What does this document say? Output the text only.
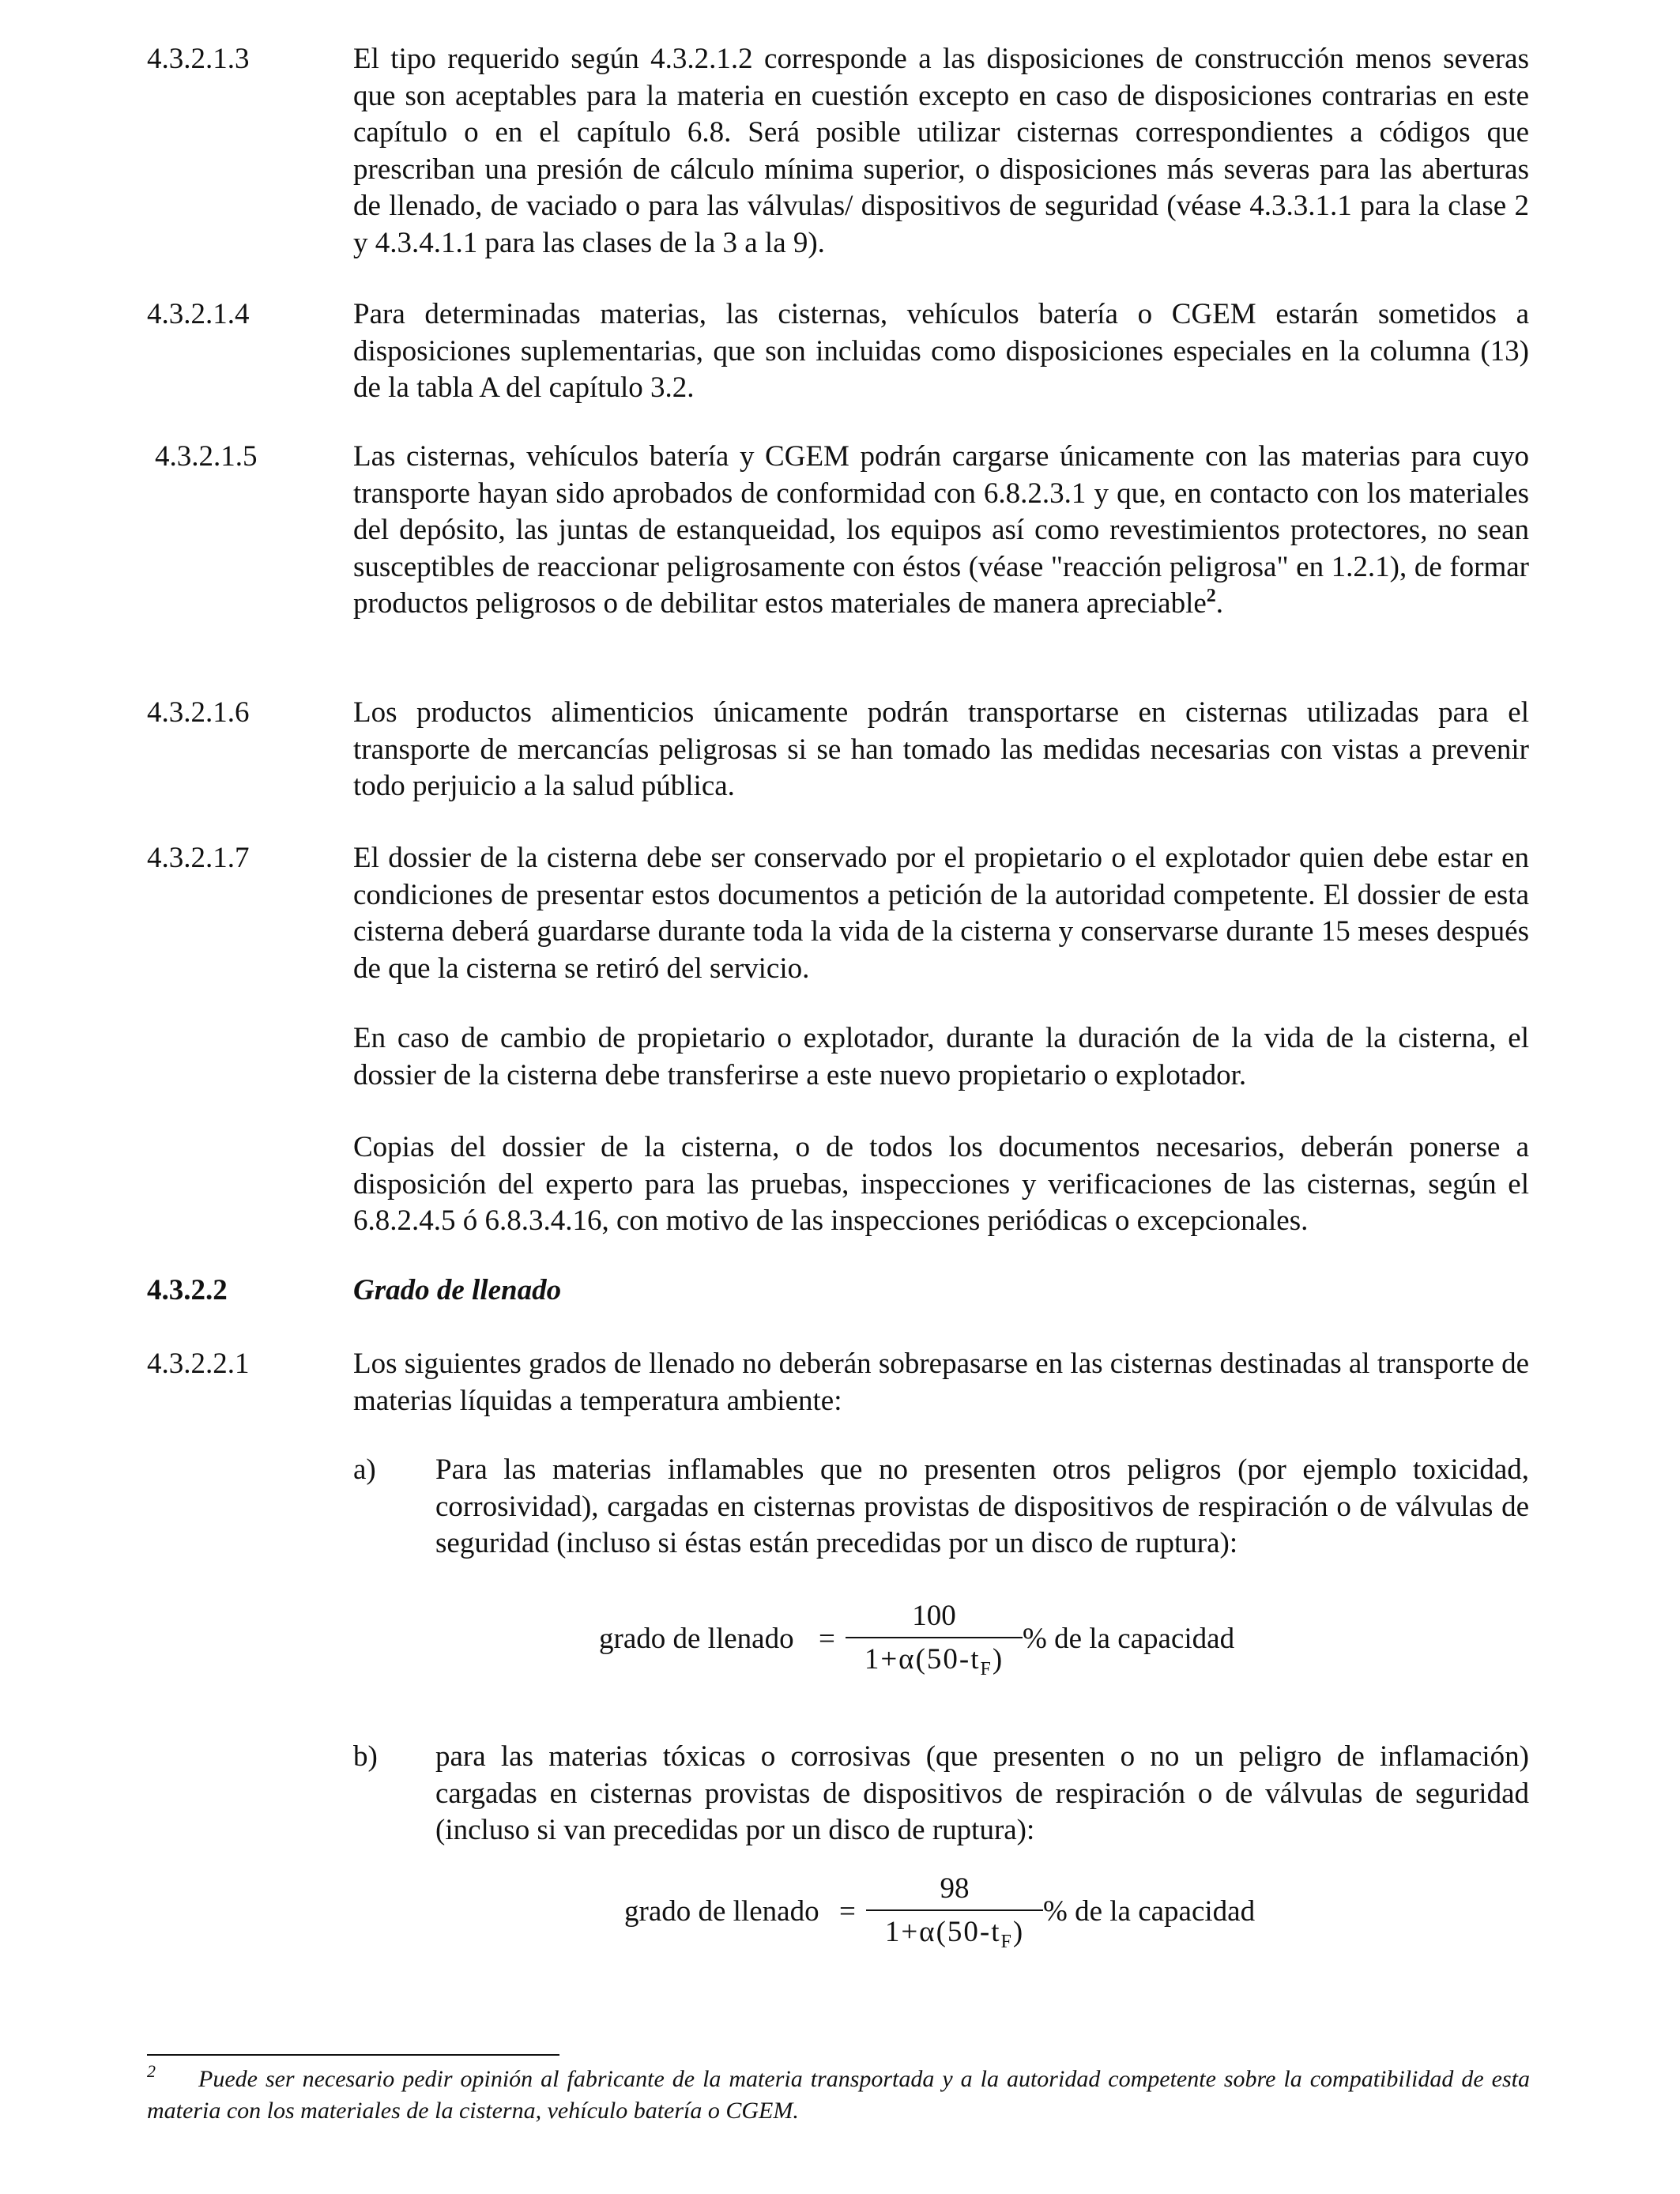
4.3.2.1.3	El tipo requerido según 4.3.2.1.2 corresponde a las disposiciones de construcción menos severas que son aceptables para la materia en cuestión excepto en caso de disposiciones contrarias en este capítulo o en el capítulo 6.8. Será posible utilizar cisternas correspondientes a códigos que prescriban una presión de cálculo mínima superior, o disposiciones más severas para las aberturas de llenado, de vaciado o para las válvulas/ dispositivos de seguridad (véase 4.3.3.1.1 para la clase 2 y 4.3.4.1.1 para las clases de la 3 a la 9).
4.3.2.1.4	Para determinadas materias, las cisternas, vehículos batería o CGEM estarán sometidos a disposiciones suplementarias, que son incluidas como disposiciones especiales en la columna (13) de la tabla A del capítulo 3.2.
4.3.2.1.5	Las cisternas, vehículos batería y CGEM podrán cargarse únicamente con las materias para cuyo transporte hayan sido aprobados de conformidad con 6.8.2.3.1 y que, en contacto con los materiales del depósito, las juntas de estanqueidad, los equipos así como revestimientos protectores, no sean susceptibles de reaccionar peligrosamente con éstos (véase "reacción peligrosa" en 1.2.1), de formar productos peligrosos o de debilitar estos materiales de manera apreciable$^2$.
4.3.2.1.6	Los productos alimenticios únicamente podrán transportarse en cisternas utilizadas para el transporte de mercancías peligrosas si se han tomado las medidas necesarias con vistas a prevenir todo perjuicio a la salud pública.
4.3.2.1.7	El dossier de la cisterna debe ser conservado por el propietario o el explotador quien debe estar en condiciones de presentar estos documentos a petición de la autoridad competente. El dossier de esta cisterna deberá guardarse durante toda la vida de la cisterna y conservarse durante 15 meses después de que la cisterna se retiró del servicio.
En caso de cambio de propietario o explotador, durante la duración de la vida de la cisterna, el dossier de la cisterna debe transferirse a este nuevo propietario o explotador.
Copias del dossier de la cisterna, o de todos los documentos necesarios, deberán ponerse a disposición del experto para las pruebas, inspecciones y verificaciones de las cisternas, según el 6.8.2.4.5 ó 6.8.3.4.16, con motivo de las inspecciones periódicas o excepcionales.
4.3.2.2	Grado de llenado
4.3.2.2.1	Los siguientes grados de llenado no deberán sobrepasarse en las cisternas destinadas al transporte de materias líquidas a temperatura ambiente:
a) Para las materias inflamables que no presenten otros peligros (por ejemplo toxicidad, corrosividad), cargadas en cisternas provistas de dispositivos de respiración o de válvulas de seguridad (incluso si éstas están precedidas por un disco de ruptura):
grado de llenado =
100
$1+\alpha(50-t_F)$
% de la capacidad
b) para las materias tóxicas o corrosivas (que presenten o no un peligro de inflamación) cargadas en cisternas provistas de dispositivos de respiración o de válvulas de seguridad (incluso si van precedidas por un disco de ruptura):
grado de llenado =
98
$1+\alpha(50-t_F)$
% de la capacidad
$^2$ Puede ser necesario pedir opinión al fabricante de la materia transportada y a la autoridad competente sobre la compatibilidad de esta materia con los materiales de la cisterna, vehículo batería o CGEM.
